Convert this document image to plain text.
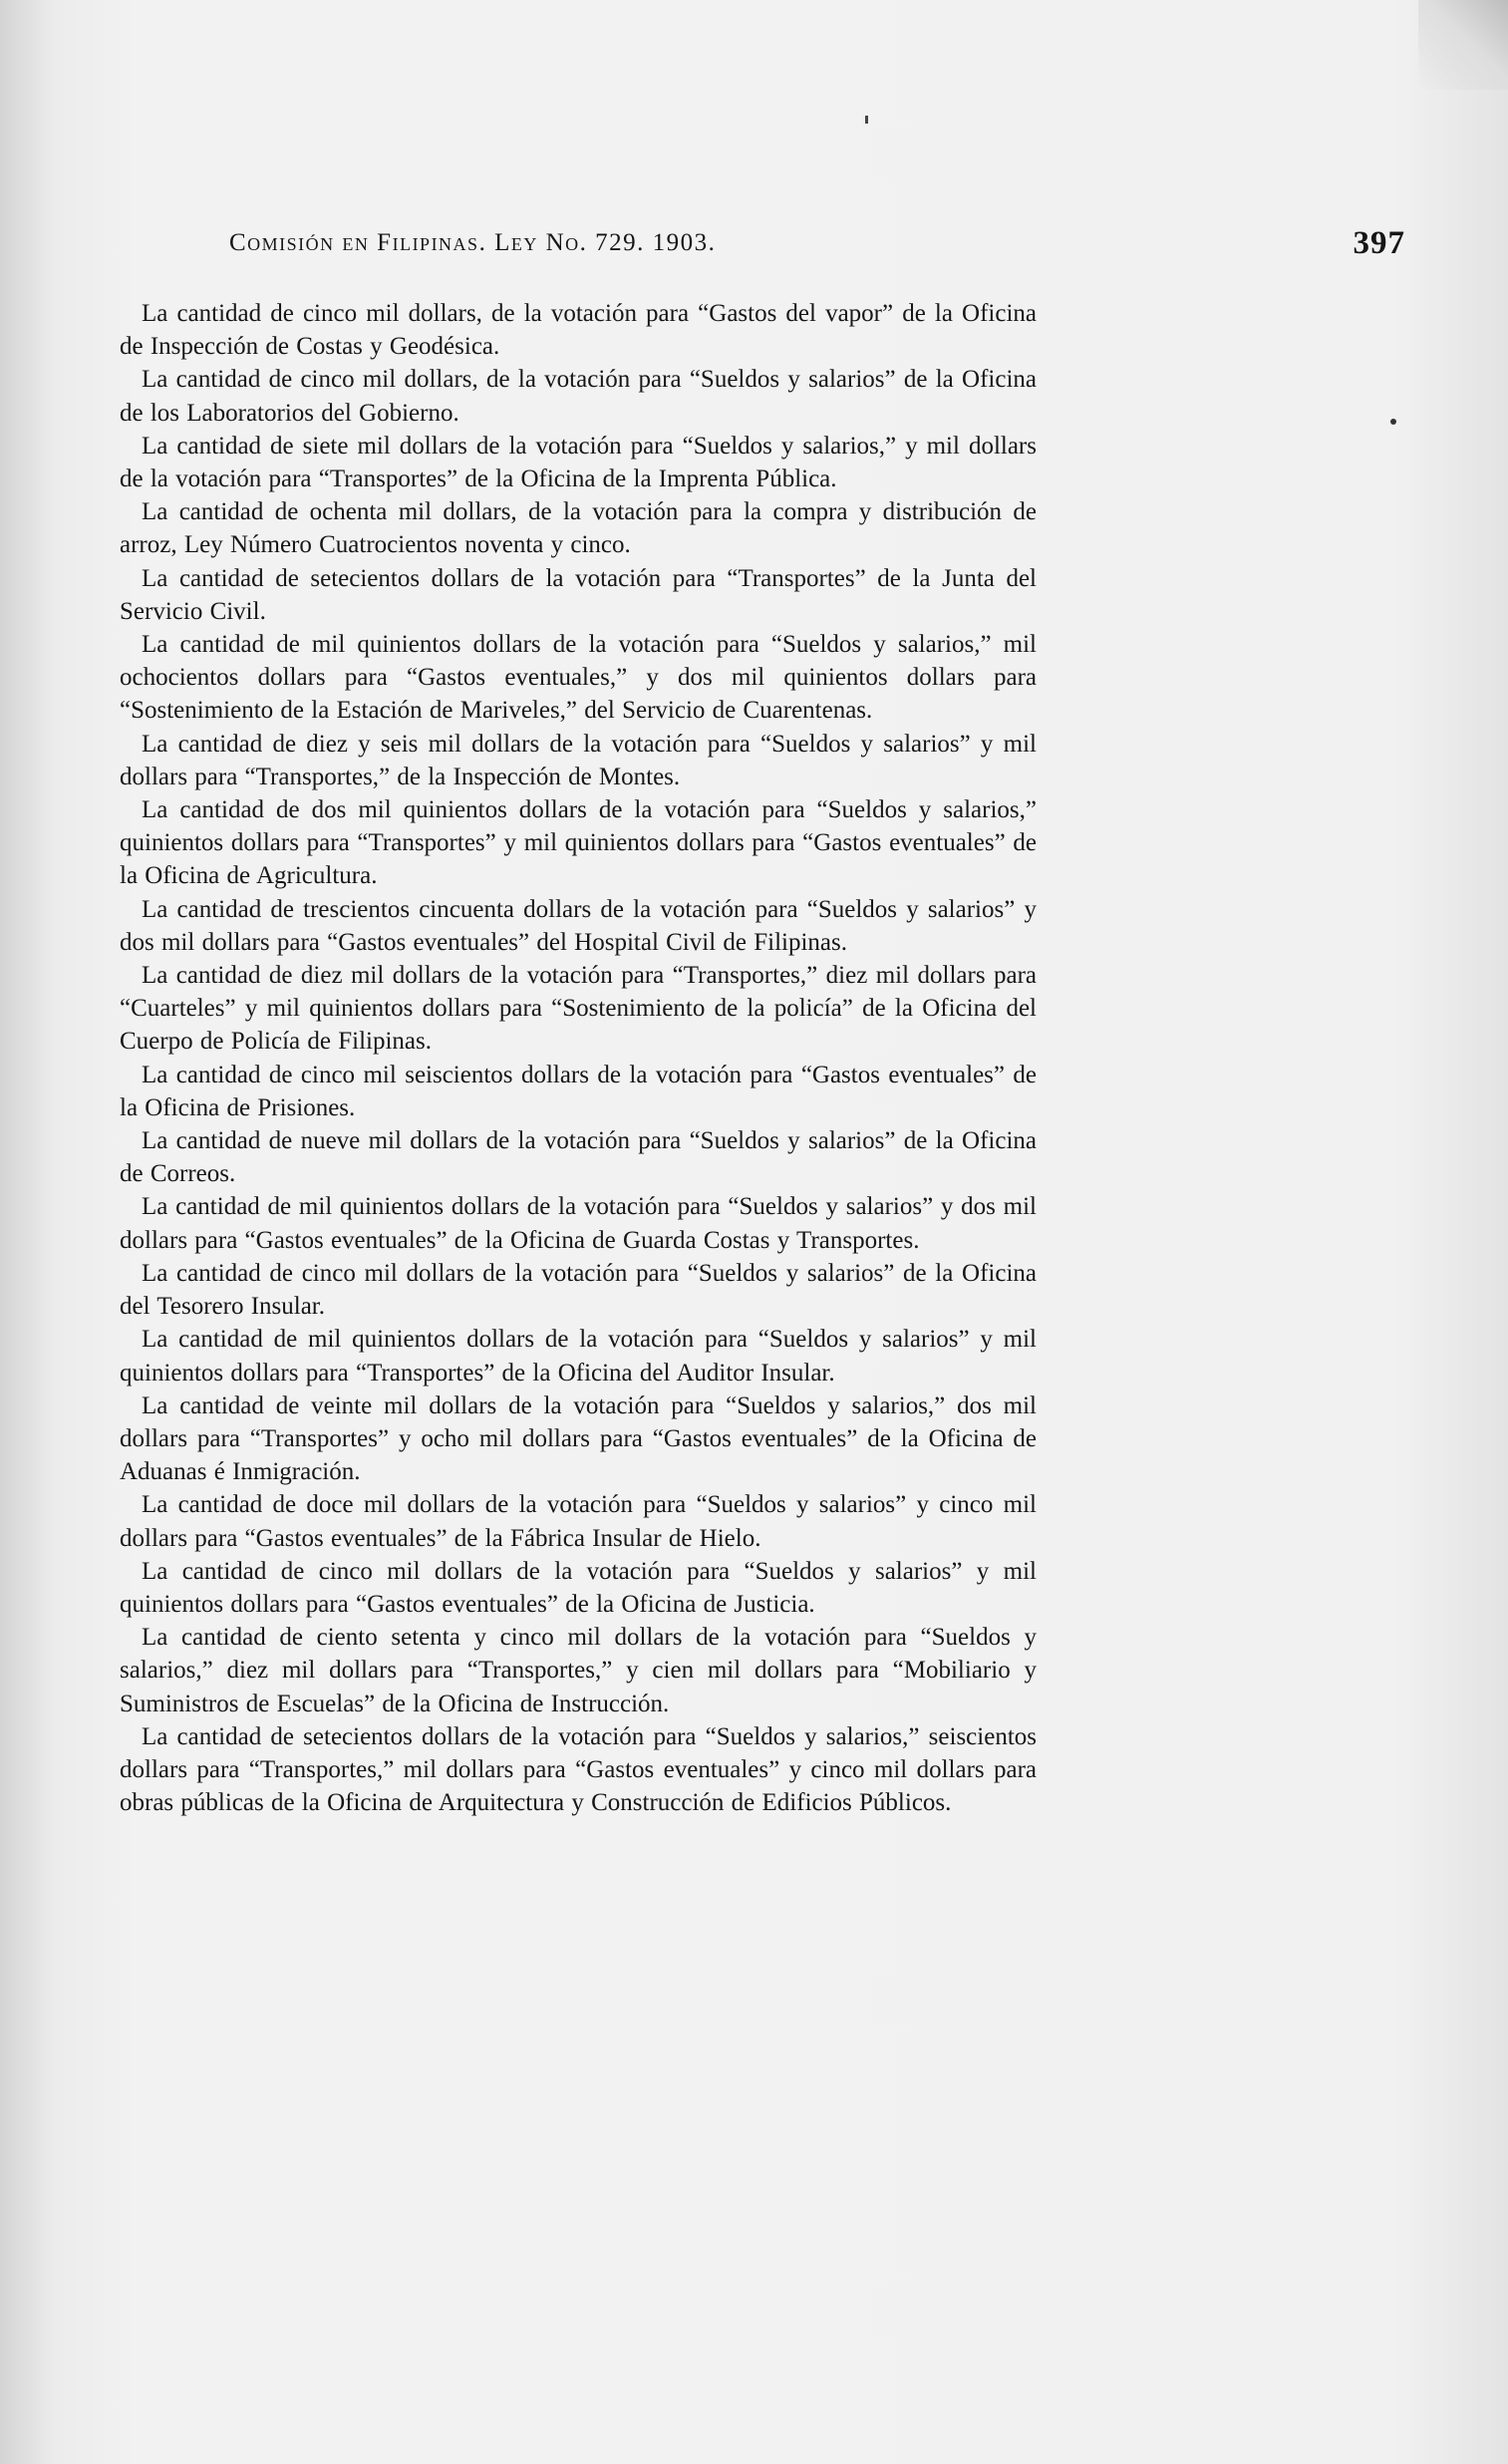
Comisión en Filipinas. Ley No. 729. 1903.	397

La cantidad de cinco mil dollars, de la votación para “Gastos del vapor” de la Oficina de Inspección de Costas y Geodésica.

La cantidad de cinco mil dollars, de la votación para “Sueldos y salarios” de la Oficina de los Laboratorios del Gobierno.

La cantidad de siete mil dollars de la votación para “Sueldos y salarios,” y mil dollars de la votación para “Transportes” de la Oficina de la Imprenta Pública.

La cantidad de ochenta mil dollars, de la votación para la compra y distribución de arroz, Ley Número Cuatrocientos noventa y cinco.

La cantidad de setecientos dollars de la votación para “Transportes” de la Junta del Servicio Civil.

La cantidad de mil quinientos dollars de la votación para “Sueldos y salarios,” mil ochocientos dollars para “Gastos eventuales,” y dos mil quinientos dollars para “Sostenimiento de la Estación de Mariveles,” del Servicio de Cuarentenas.

La cantidad de diez y seis mil dollars de la votación para “Sueldos y salarios” y mil dollars para “Transportes,” de la Inspección de Montes.

La cantidad de dos mil quinientos dollars de la votación para “Sueldos y salarios,” quinientos dollars para “Transportes” y mil quinientos dollars para “Gastos eventuales” de la Oficina de Agricultura.

La cantidad de trescientos cincuenta dollars de la votación para “Sueldos y salarios” y dos mil dollars para “Gastos eventuales” del Hospital Civil de Filipinas.

La cantidad de diez mil dollars de la votación para “Transportes,” diez mil dollars para “Cuarteles” y mil quinientos dollars para “Sostenimiento de la policía” de la Oficina del Cuerpo de Policía de Filipinas.

La cantidad de cinco mil seiscientos dollars de la votación para “Gastos eventuales” de la Oficina de Prisiones.

La cantidad de nueve mil dollars de la votación para “Sueldos y salarios” de la Oficina de Correos.

La cantidad de mil quinientos dollars de la votación para “Sueldos y salarios” y dos mil dollars para “Gastos eventuales” de la Oficina de Guarda Costas y Transportes.

La cantidad de cinco mil dollars de la votación para “Sueldos y salarios” de la Oficina del Tesorero Insular.

La cantidad de mil quinientos dollars de la votación para “Sueldos y salarios” y mil quinientos dollars para “Transportes” de la Oficina del Auditor Insular.

La cantidad de veinte mil dollars de la votación para “Sueldos y salarios,” dos mil dollars para “Transportes” y ocho mil dollars para “Gastos eventuales” de la Oficina de Aduanas é Inmigración.

La cantidad de doce mil dollars de la votación para “Sueldos y salarios” y cinco mil dollars para “Gastos eventuales” de la Fábrica Insular de Hielo.

La cantidad de cinco mil dollars de la votación para “Sueldos y salarios” y mil quinientos dollars para “Gastos eventuales” de la Oficina de Justicia.

La cantidad de ciento setenta y cinco mil dollars de la votación para “Sueldos y salarios,” diez mil dollars para “Transportes,” y cien mil dollars para “Mobiliario y Suministros de Escuelas” de la Oficina de Instrucción.

La cantidad de setecientos dollars de la votación para “Sueldos y salarios,” seiscientos dollars para “Transportes,” mil dollars para “Gastos eventuales” y cinco mil dollars para obras públicas de la Oficina de Arquitectura y Construcción de Edificios Públicos.
